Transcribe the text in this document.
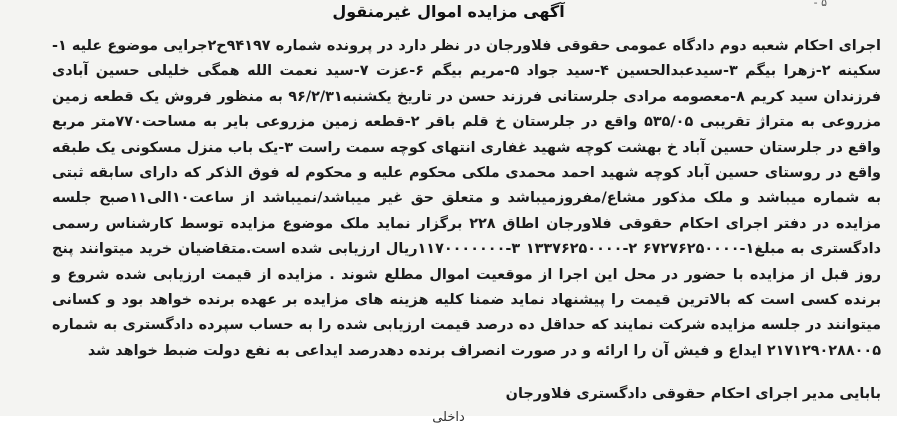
- ۵
آگهی مزایده اموال غیرمنقول

اجرای احکام شعبه دوم دادگاه عمومی حقوقی فلاورجان در نظر دارد در پرونده شماره ۹۴۱۹۷ح۲جرایی موضوع علیه ۱-سکینه ۲-زهرا بیگم ۳-سیدعبدالحسین ۴-سید جواد ۵-مریم بیگم ۶-عزت ۷-سید نعمت الله همگی خلیلی حسین آبادی فرزندان سید کریم ۸-معصومه مرادی جلرستانی فرزند حسن در تاریخ یکشنبه۹۶/۲/۳۱ به منظور فروش یک قطعه زمین مزروعی به متراژ تقریبی ۵۳۵/۰۵ واقع در جلرستان خ قلم باقر ۲-قطعه زمین مزروعی بایر به مساحت۷۷۰متر مربع واقع در جلرستان حسین آباد خ بهشت کوچه شهید غفاری انتهای کوچه سمت راست ۳-یک باب منزل مسکونی یک طبقه واقع در روستای حسین آباد کوچه شهید احمد محمدی ملکی محکوم علیه و محکوم له فوق الذکر که دارای سابقه ثبتی به شماره میباشد و ملک مذکور مشاع/مفروزمیباشد و متعلق حق غیر میباشد/نمیباشد از ساعت۱۰الی۱۱صبح جلسه مزایده در دفتر اجرای احکام حقوقی فلاورجان اطاق ۲۲۸ برگزار نماید ملک موضوع مزایده توسط کارشناس رسمی دادگستری به مبلغ۱-۶۷۲۷۶۲۵۰۰۰۰ ۲-۱۳۳۷۶۲۵۰۰۰۰ ۳-۱۱۷۰۰۰۰۰۰۰ریال ارزیابی شده است.متقاضیان خرید میتوانند پنج روز قبل از مزایده با حضور در محل این اجرا از موقعیت اموال مطلع شوند . مزایده از قیمت ارزیابی شده شروع و برنده کسی است که بالاترین قیمت را پیشنهاد نماید ضمنا کلیه هزینه های مزایده بر عهده برنده خواهد بود و کسانی میتوانند در جلسه مزایده شرکت نمایند که حداقل ده درصد قیمت ارزیابی شده را به حساب سپرده دادگستری به شماره ۲۱۷۱۲۹۰۲۸۸۰۰۵ ایداع و فیش آن را ارائه و در صورت انصراف برنده دهدرصد ایداعی به نفع دولت ضبط خواهد شد

بابایی مدیر اجرای احکام حقوقی دادگستری فلاورجان
داخلی
